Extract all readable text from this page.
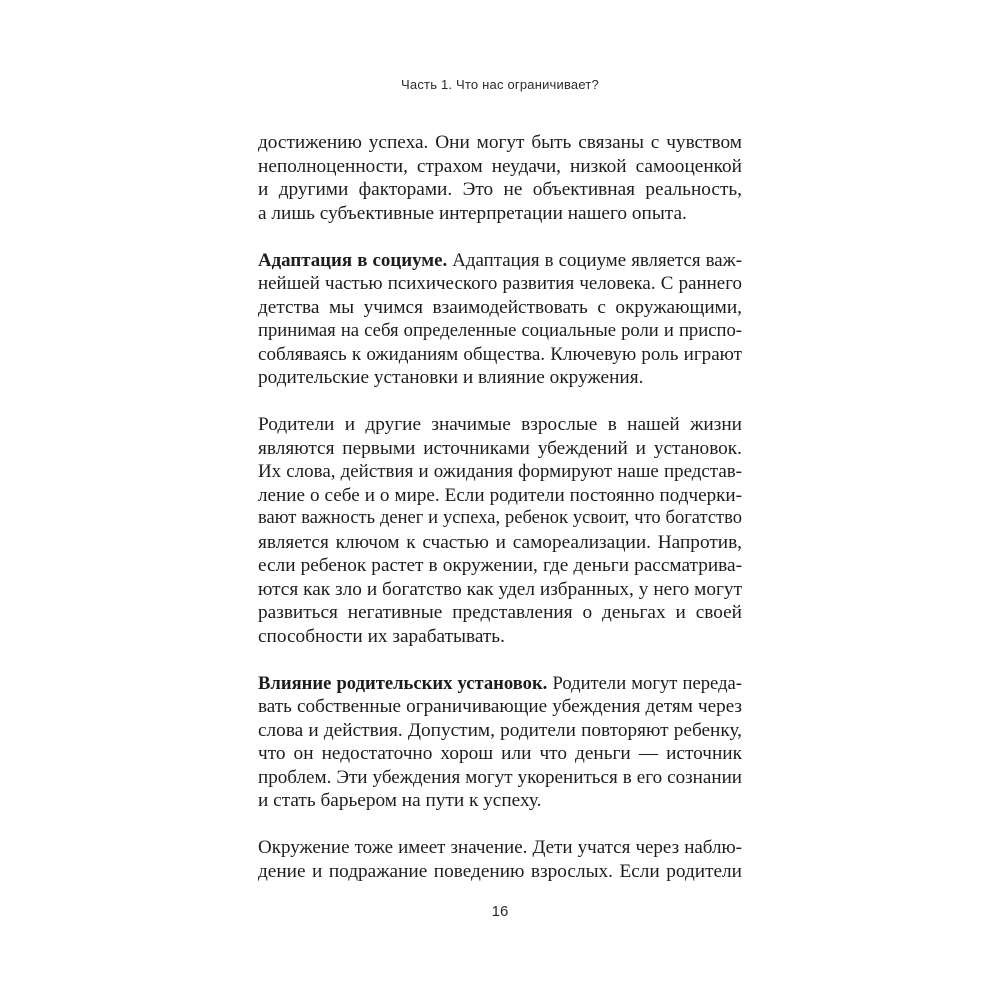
Часть 1. Что нас ограничивает?

достижению успеха. Они могут быть связаны с чувством
неполноценности, страхом неудачи, низкой самооценкой
и другими факторами. Это не объективная реальность,
а лишь субъективные интерпретации нашего опыта.

Адаптация в социуме. Адаптация в социуме является важ-
нейшей частью психического развития человека. С раннего
детства мы учимся взаимодействовать с окружающими,
принимая на себя определенные социальные роли и приспо-
собляваясь к ожиданиям общества. Ключевую роль играют
родительские установки и влияние окружения.

Родители и другие значимые взрослые в нашей жизни
являются первыми источниками убеждений и установок.
Их слова, действия и ожидания формируют наше представ-
ление о себе и о мире. Если родители постоянно подчерки-
вают важность денег и успеха, ребенок усвоит, что богатство
является ключом к счастью и самореализации. Напротив,
если ребенок растет в окружении, где деньги рассматрива-
ются как зло и богатство как удел избранных, у него могут
развиться негативные представления о деньгах и своей
способности их зарабатывать.

Влияние родительских установок. Родители могут переда-
вать собственные ограничивающие убеждения детям через
слова и действия. Допустим, родители повторяют ребенку,
что он недостаточно хорош или что деньги — источник
проблем. Эти убеждения могут укорениться в его сознании
и стать барьером на пути к успеху.

Окружение тоже имеет значение. Дети учатся через наблю-
дение и подражание поведению взрослых. Если родители

16
